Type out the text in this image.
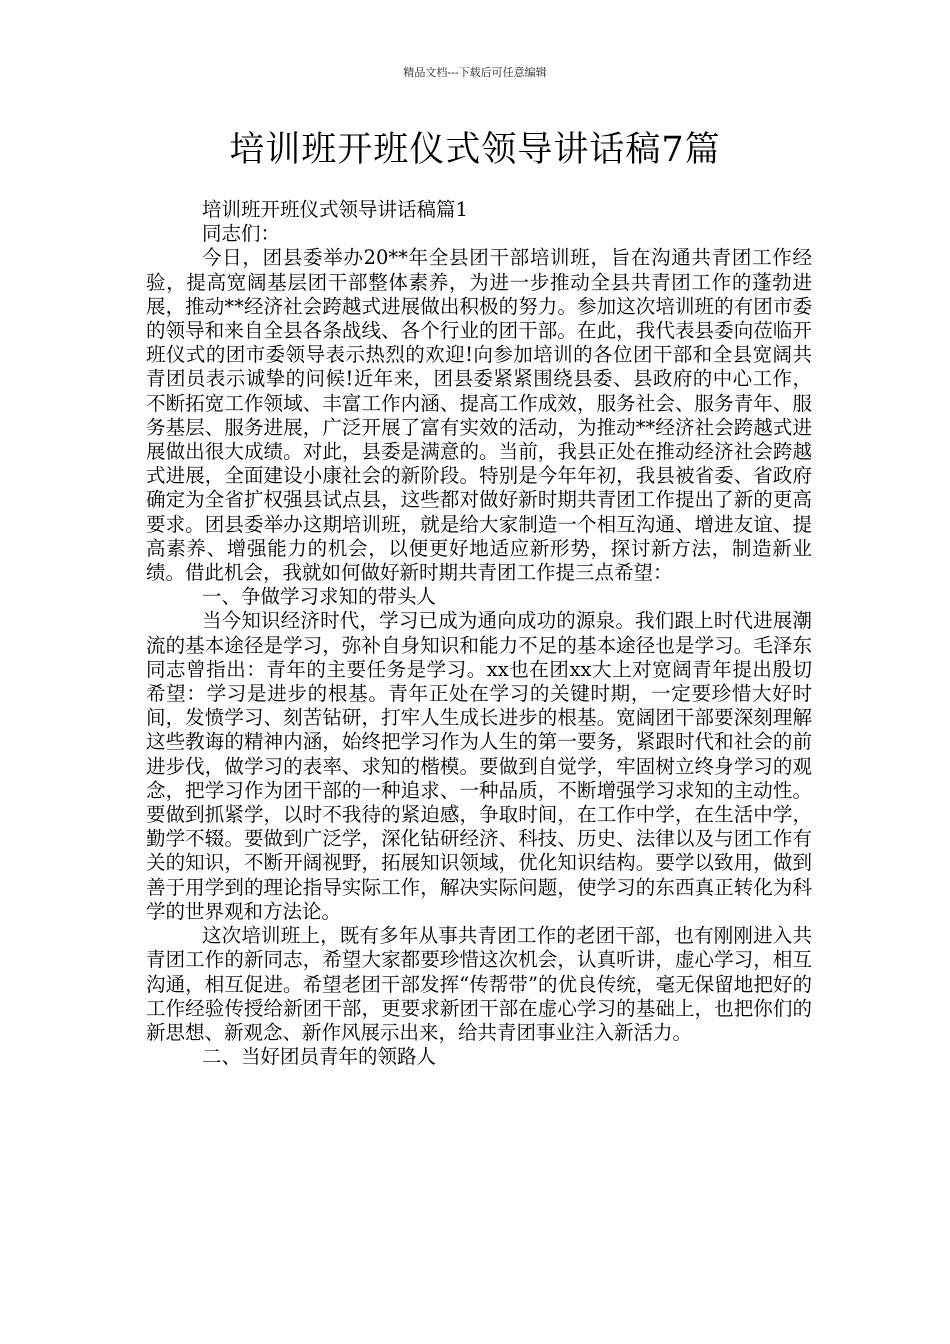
精品文档---下载后可任意编辑
培训班开班仪式领导讲话稿7篇

培训班开班仪式领导讲话稿篇1

同志们：

今日，团县委举办20**年全县团干部培训班，旨在沟通共青团工作经验，提高宽阔基层团干部整体素养，为进一步推动全县共青团工作的蓬勃进展，推动**经济社会跨越式进展做出积极的努力。参加这次培训班的有团市委的领导和来自全县各条战线、各个行业的团干部。在此，我代表县委向莅临开班仪式的团市委领导表示热烈的欢迎!向参加培训的各位团干部和全县宽阔共青团员表示诚挚的问候!近年来，团县委紧紧围绕县委、县政府的中心工作，不断拓宽工作领域、丰富工作内涵、提高工作成效，服务社会、服务青年、服务基层、服务进展，广泛开展了富有实效的活动，为推动**经济社会跨越式进展做出很大成绩。对此，县委是满意的。当前，我县正处在推动经济社会跨越式进展，全面建设小康社会的新阶段。特别是今年年初，我县被省委、省政府确定为全省扩权强县试点县，这些都对做好新时期共青团工作提出了新的更高要求。团县委举办这期培训班，就是给大家制造一个相互沟通、增进友谊、提高素养、增强能力的机会，以便更好地适应新形势，探讨新方法，制造新业绩。借此机会，我就如何做好新时期共青团工作提三点希望：

一、争做学习求知的带头人

当今知识经济时代，学习已成为通向成功的源泉。我们跟上时代进展潮流的基本途径是学习，弥补自身知识和能力不足的基本途径也是学习。毛泽东同志曾指出：青年的主要任务是学习。xx也在团xx大上对宽阔青年提出殷切希望：学习是进步的根基。青年正处在学习的关键时期，一定要珍惜大好时间，发愤学习、刻苦钻研，打牢人生成长进步的根基。宽阔团干部要深刻理解这些教诲的精神内涵，始终把学习作为人生的第一要务，紧跟时代和社会的前进步伐，做学习的表率、求知的楷模。要做到自觉学，牢固树立终身学习的观念，把学习作为团干部的一种追求、一种品质，不断增强学习求知的主动性。要做到抓紧学，以时不我待的紧迫感，争取时间，在工作中学，在生活中学，勤学不辍。要做到广泛学，深化钻研经济、科技、历史、法律以及与团工作有关的知识，不断开阔视野，拓展知识领域，优化知识结构。要学以致用，做到善于用学到的理论指导实际工作，解决实际问题，使学习的东西真正转化为科学的世界观和方法论。

这次培训班上，既有多年从事共青团工作的老团干部，也有刚刚进入共青团工作的新同志，希望大家都要珍惜这次机会，认真听讲，虚心学习，相互沟通，相互促进。希望老团干部发挥“传帮带”的优良传统，毫无保留地把好的工作经验传授给新团干部，更要求新团干部在虚心学习的基础上，也把你们的新思想、新观念、新作风展示出来，给共青团事业注入新活力。

二、当好团员青年的领路人
